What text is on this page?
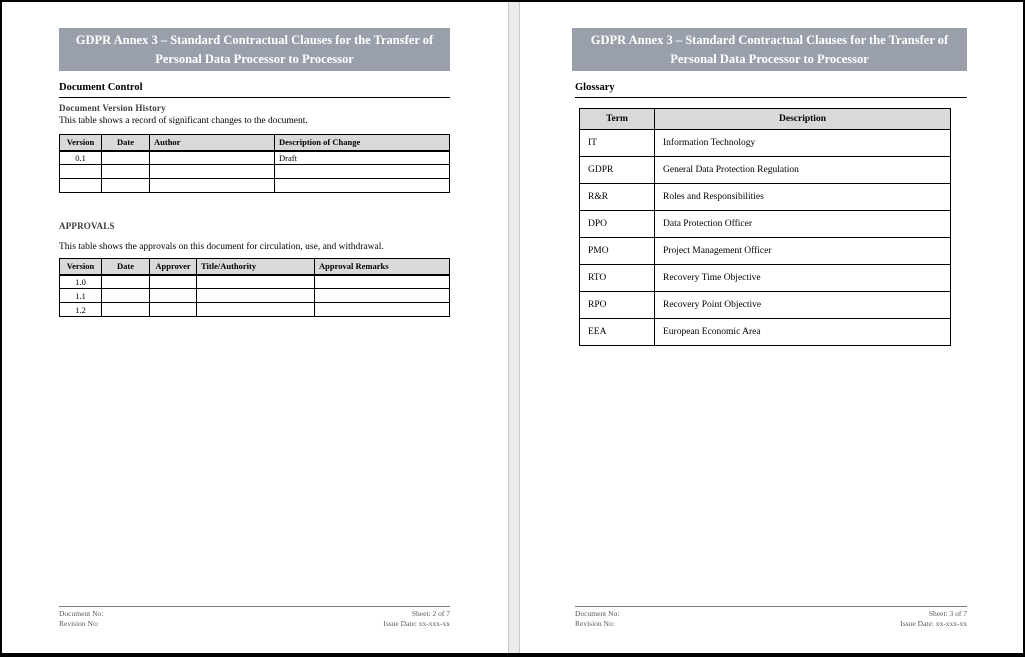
GDPR Annex 3 – Standard Contractual Clauses for the Transfer of Personal Data Processor to Processor
Document Control
Document Version History
This table shows a record of significant changes to the document.
Version	Date	Author	Description of Change
0.1			Draft

APPROVALS
This table shows the approvals on this document for circulation, use, and withdrawal.
Version	Date	Approver	Title/Authority	Approval Remarks
1.0				
1.1				
1.2				
Document No:
Revision No:
Sheet: 2 of 7
Issue Date: xx-xxx-xx
GDPR Annex 3 – Standard Contractual Clauses for the Transfer of Personal Data Processor to Processor
Glossary
Term	Description
IT	Information Technology
GDPR	General Data Protection Regulation
R&R	Roles and Responsibilities
DPO	Data Protection Officer
PMO	Project Management Officer
RTO	Recovery Time Objective
RPO	Recovery Point Objective
EEA	European Economic Area
Document No:
Revision No:
Sheet: 3 of 7
Issue Date: xx-xxx-xx
